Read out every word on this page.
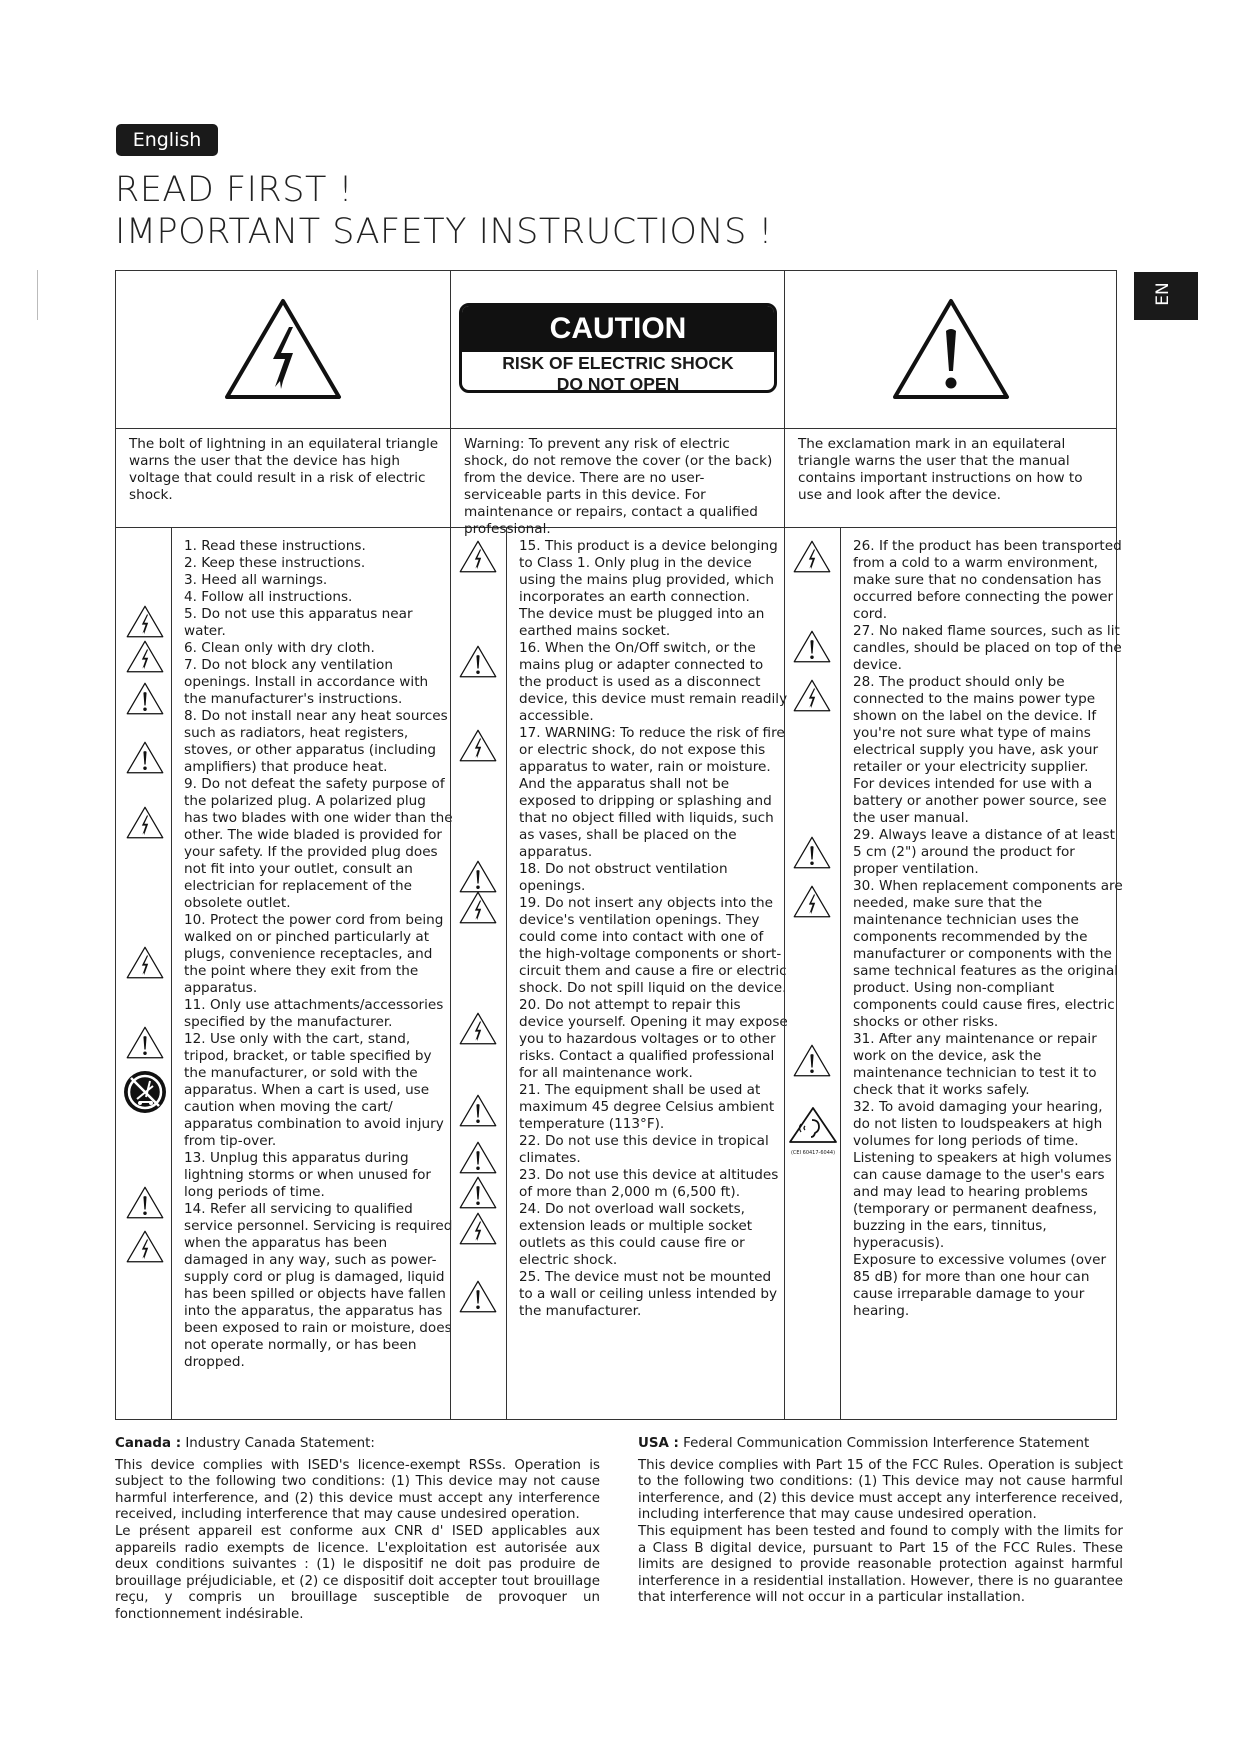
English
READ FIRST !
IMPORTANT SAFETY INSTRUCTIONS !
EN
The bolt of lightning in an equilateral triangle warns the user that the device has high voltage that could result in a risk of electric shock.
CAUTION
RISK OF ELECTRIC SHOCK
DO NOT OPEN
Warning: To prevent any risk of electric shock, do not remove the cover (or the back) from the device. There are no user-serviceable parts in this device. For maintenance or repairs, contact a qualified professional.
The exclamation mark in an equilateral triangle warns the user that the manual contains important instructions on how to use and look after the device.

1. Read these instructions.

2. Keep these instructions.

3. Heed all warnings.

4. Follow all instructions.

5. Do not use this apparatus near water.

6. Clean only with dry cloth.

7. Do not block any ventilation openings. Install in accordance with the manufacturer's instructions.

8. Do not install near any heat sources such as radiators, heat registers, stoves, or other apparatus (including amplifiers) that produce heat.

9. Do not defeat the safety purpose of the polarized plug. A polarized plug has two blades with one wider than the other. The wide bladed is provided for your safety. If the provided plug does not fit into your outlet, consult an electrician for replacement of the obsolete outlet.

10. Protect the power cord from being walked on or pinched particularly at plugs, convenience receptacles, and the point where they exit from the apparatus.

11. Only use attachments/accessories specified by the manufacturer.

12. Use only with the cart, stand, tripod, bracket, or table specified by the manufacturer, or sold with the apparatus. When a cart is used, use caution when moving the cart/ apparatus combination to avoid injury from tip-over.

13. Unplug this apparatus during lightning storms or when unused for long periods of time.

14. Refer all servicing to qualified service personnel. Servicing is required when the apparatus has been damaged in any way, such as power-supply cord or plug is damaged, liquid has been spilled or objects have fallen into the apparatus, the apparatus has been exposed to rain or moisture, does not operate normally, or has been dropped.

15. This product is a device belonging to Class 1. Only plug in the device using the mains plug provided, which incorporates an earth connection.

The device must be plugged into an earthed mains socket.

16. When the On/Off switch, or the mains plug or adapter connected to the product is used as a disconnect device, this device must remain readily accessible.

17. WARNING: To reduce the risk of fire or electric shock, do not expose this apparatus to water, rain or moisture. And the apparatus shall not be exposed to dripping or splashing and that no object filled with liquids, such as vases, shall be placed on the apparatus.

18. Do not obstruct ventilation openings.

19. Do not insert any objects into the device's ventilation openings. They could come into contact with one of the high-voltage components or short-circuit them and cause a fire or electric shock. Do not spill liquid on the device.

20. Do not attempt to repair this device yourself. Opening it may expose you to hazardous voltages or to other risks. Contact a qualified professional for all maintenance work.

21. The equipment shall be used at maximum 45 degree Celsius ambient temperature (113°F).

22. Do not use this device in tropical climates.

23. Do not use this device at altitudes of more than 2,000 m (6,500 ft).

24. Do not overload wall sockets, extension leads or multiple socket outlets as this could cause fire or electric shock.

25. The device must not be mounted to a wall or ceiling unless intended by the manufacturer.

(CEI 60417-6044)

26. If the product has been transported from a cold to a warm environment, make sure that no condensation has occurred before connecting the power cord.

27. No naked flame sources, such as lit candles, should be placed on top of the device.

28. The product should only be connected to the mains power type shown on the label on the device. If you're not sure what type of mains electrical supply you have, ask your retailer or your electricity supplier.

For devices intended for use with a battery or another power source, see the user manual.

29. Always leave a distance of at least 5 cm (2") around the product for proper ventilation.

30. When replacement components are needed, make sure that the maintenance technician uses the components recommended by the manufacturer or components with the same technical features as the original product. Using non-compliant components could cause fires, electric shocks or other risks.

31. After any maintenance or repair work on the device, ask the maintenance technician to test it to check that it works safely.

32. To avoid damaging your hearing, do not listen to loudspeakers at high volumes for long periods of time. Listening to speakers at high volumes can cause damage to the user's ears and may lead to hearing problems (temporary or permanent deafness, buzzing in the ears, tinnitus, hyperacusis).

Exposure to excessive volumes (over 85 dB) for more than one hour can cause irreparable damage to your hearing.

Canada : Industry Canada Statement:

This device complies with ISED's licence-exempt RSSs. Operation is subject to the following two conditions: (1) This device may not cause harmful interference, and (2) this device must accept any interference received, including interference that may cause undesired operation.

Le présent appareil est conforme aux CNR d' ISED applicables aux appareils radio exempts de licence. L'exploitation est autorisée aux deux conditions suivantes : (1) le dispositif ne doit pas produire de brouillage préjudiciable, et (2) ce dispositif doit accepter tout brouillage reçu, y compris un brouillage susceptible de provoquer un fonctionnement indésirable.

USA : Federal Communication Commission Interference Statement

This device complies with Part 15 of the FCC Rules. Operation is subject to the following two conditions: (1) This device may not cause harmful interference, and (2) this device must accept any interference received, including interference that may cause undesired operation.

This equipment has been tested and found to comply with the limits for a Class B digital device, pursuant to Part 15 of the FCC Rules. These limits are designed to provide reasonable protection against harmful interference in a residential installation. However, there is no guarantee that interference will not occur in a particular installation.
